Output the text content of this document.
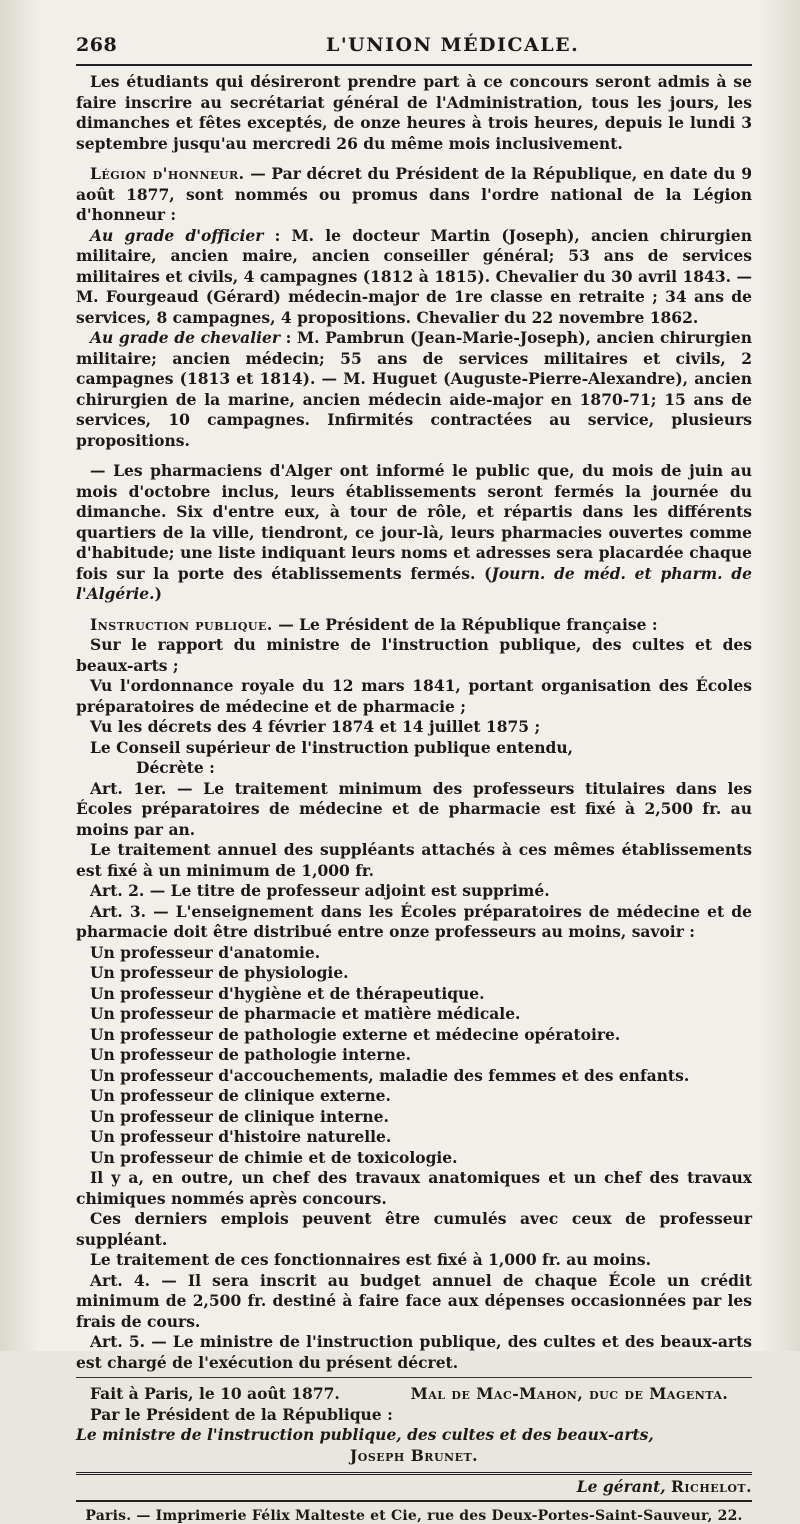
268	L'UNION MÉDICALE.

Les étudiants qui désireront prendre part à ce concours seront admis à se faire inscrire au secrétariat général de l'Administration, tous les jours, les dimanches et fêtes exceptés, de onze heures à trois heures, depuis le lundi 3 septembre jusqu'au mercredi 26 du même mois inclusivement.

Légion d'honneur. — Par décret du Président de la République, en date du 9 août 1877, sont nommés ou promus dans l'ordre national de la Légion d'honneur :

Au grade d'officier : M. le docteur Martin (Joseph), ancien chirurgien militaire, ancien maire, ancien conseiller général; 53 ans de services militaires et civils, 4 campagnes (1812 à 1815). Chevalier du 30 avril 1843. — M. Fourgeaud (Gérard) médecin-major de 1re classe en retraite ; 34 ans de services, 8 campagnes, 4 propositions. Chevalier du 22 novembre 1862.

Au grade de chevalier : M. Pambrun (Jean-Marie-Joseph), ancien chirurgien militaire; ancien médecin; 55 ans de services militaires et civils, 2 campagnes (1813 et 1814). — M. Huguet (Auguste-Pierre-Alexandre), ancien chirurgien de la marine, ancien médecin aide-major en 1870-71; 15 ans de services, 10 campagnes. Infirmités contractées au service, plusieurs propositions.

— Les pharmaciens d'Alger ont informé le public que, du mois de juin au mois d'octobre inclus, leurs établissements seront fermés la journée du dimanche. Six d'entre eux, à tour de rôle, et répartis dans les différents quartiers de la ville, tiendront, ce jour-là, leurs pharmacies ouvertes comme d'habitude; une liste indiquant leurs noms et adresses sera placardée chaque fois sur la porte des établissements fermés. (Journ. de méd. et pharm. de l'Algérie.)

Instruction publique. — Le Président de la République française :

Sur le rapport du ministre de l'instruction publique, des cultes et des beaux-arts ;

Vu l'ordonnance royale du 12 mars 1841, portant organisation des Écoles préparatoires de médecine et de pharmacie ;

Vu les décrets des 4 février 1874 et 14 juillet 1875 ;

Le Conseil supérieur de l'instruction publique entendu,

Décrète :

Art. 1er. — Le traitement minimum des professeurs titulaires dans les Écoles préparatoires de médecine et de pharmacie est fixé à 2,500 fr. au moins par an.

Le traitement annuel des suppléants attachés à ces mêmes établissements est fixé à un minimum de 1,000 fr.

Art. 2. — Le titre de professeur adjoint est supprimé.

Art. 3. — L'enseignement dans les Écoles préparatoires de médecine et de pharmacie doit être distribué entre onze professeurs au moins, savoir :

Un professeur d'anatomie.

Un professeur de physiologie.

Un professeur d'hygiène et de thérapeutique.

Un professeur de pharmacie et matière médicale.

Un professeur de pathologie externe et médecine opératoire.

Un professeur de pathologie interne.

Un professeur d'accouchements, maladie des femmes et des enfants.

Un professeur de clinique externe.

Un professeur de clinique interne.

Un professeur d'histoire naturelle.

Un professeur de chimie et de toxicologie.

Il y a, en outre, un chef des travaux anatomiques et un chef des travaux chimiques nommés après concours.

Ces derniers emplois peuvent être cumulés avec ceux de professeur suppléant.

Le traitement de ces fonctionnaires est fixé à 1,000 fr. au moins.

Art. 4. — Il sera inscrit au budget annuel de chaque École un crédit minimum de 2,500 fr. destiné à faire face aux dépenses occasionnées par les frais de cours.

Art. 5. — Le ministre de l'instruction publique, des cultes et des beaux-arts est chargé de l'exécution du présent décret.

Fait à Paris, le 10 août 1877.	Mal de Mac-Mahon, duc de Magenta.

Par le Président de la République :

Le ministre de l'instruction publique, des cultes et des beaux-arts,

Joseph Brunet.

Le gérant,
Richelot.
Paris. — Imprimerie Félix Malteste et Cie, rue des Deux-Portes-Saint-Sauveur, 22.
